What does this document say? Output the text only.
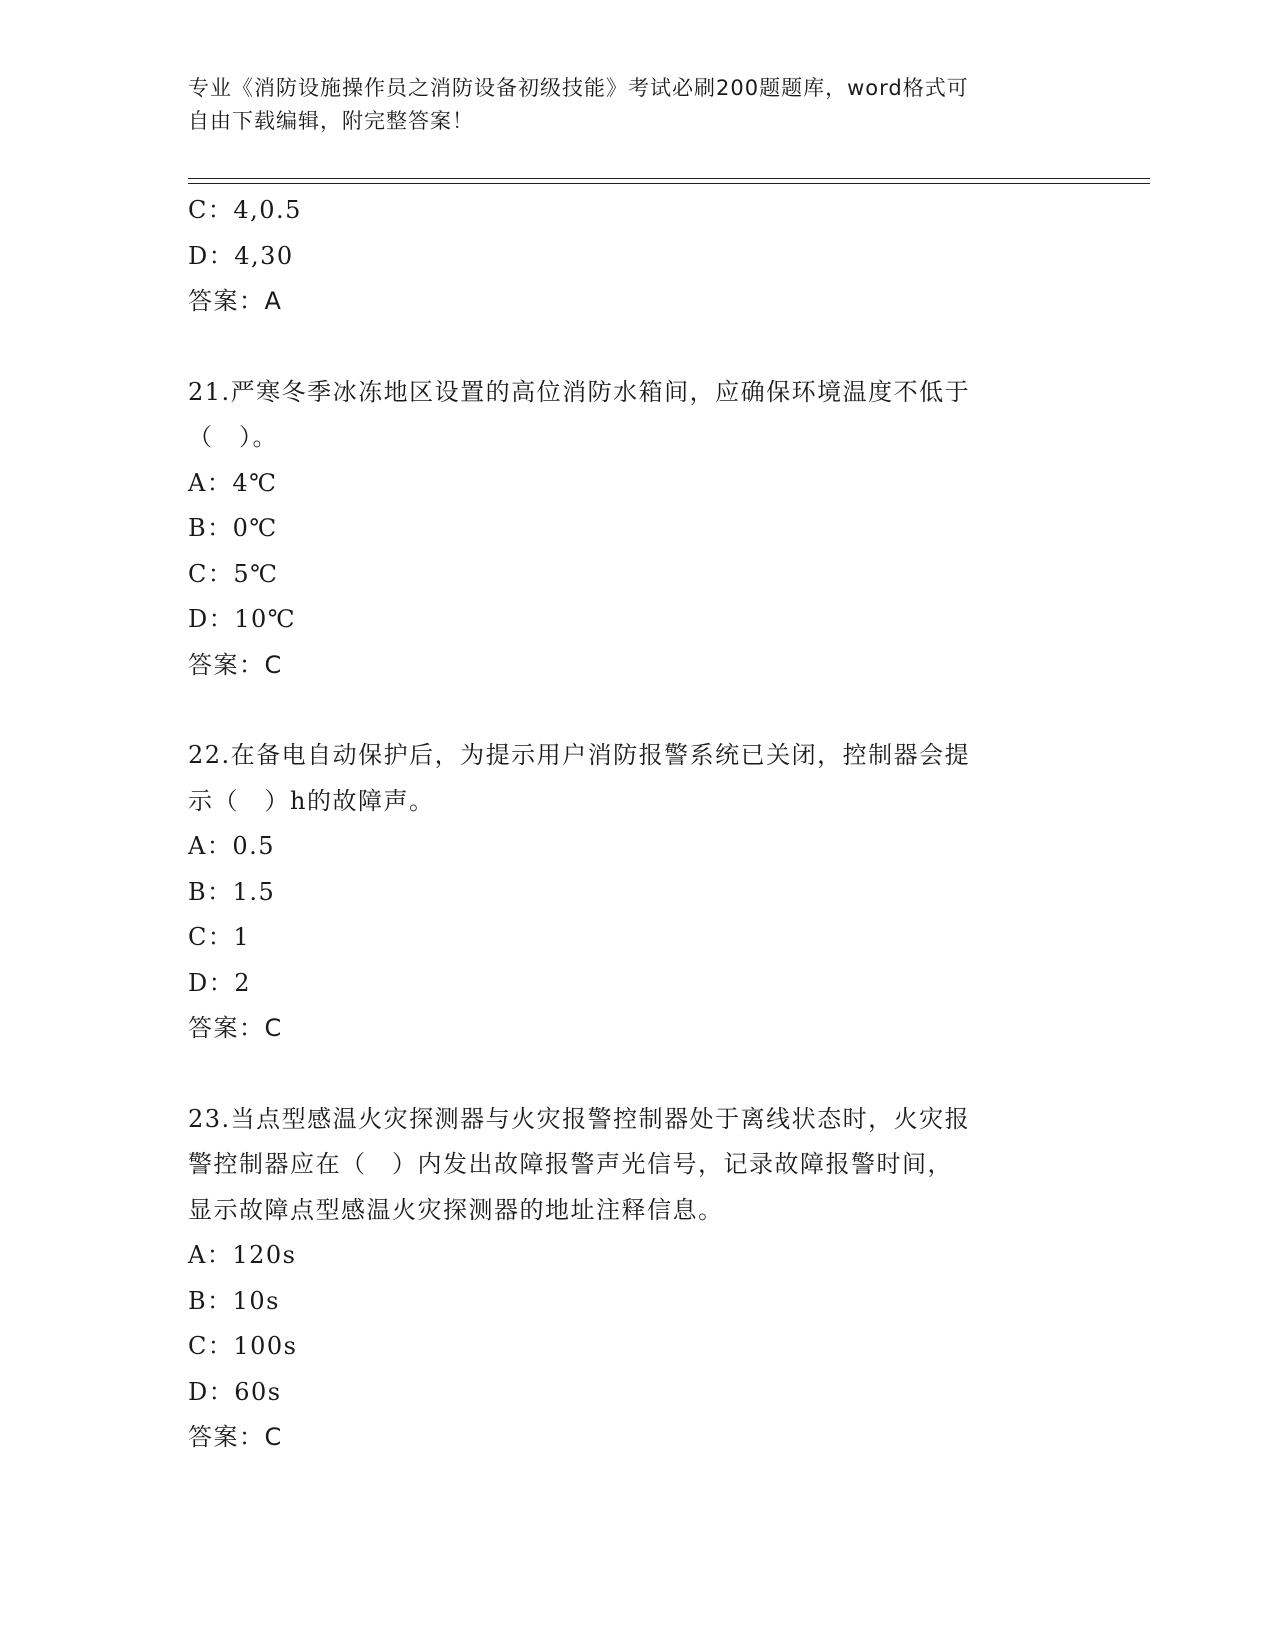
专业《消防设施操作员之消防设备初级技能》考试必刷200题题库，word格式可
自由下载编辑，附完整答案！
C：4,0.5
D：4,30
答案：A
21.严寒冬季冰冻地区设置的高位消防水箱间，应确保环境温度不低于
（　）。
A：4℃
B：0℃
C：5℃
D：10℃
答案：C
22.在备电自动保护后，为提示用户消防报警系统已关闭，控制器会提
示（　）h的故障声。
A：0.5
B：1.5
C：1
D：2
答案：C
23.当点型感温火灾探测器与火灾报警控制器处于离线状态时，火灾报
警控制器应在（　）内发出故障报警声光信号，记录故障报警时间，
显示故障点型感温火灾探测器的地址注释信息。
A：120s
B：10s
C：100s
D：60s
答案：C
